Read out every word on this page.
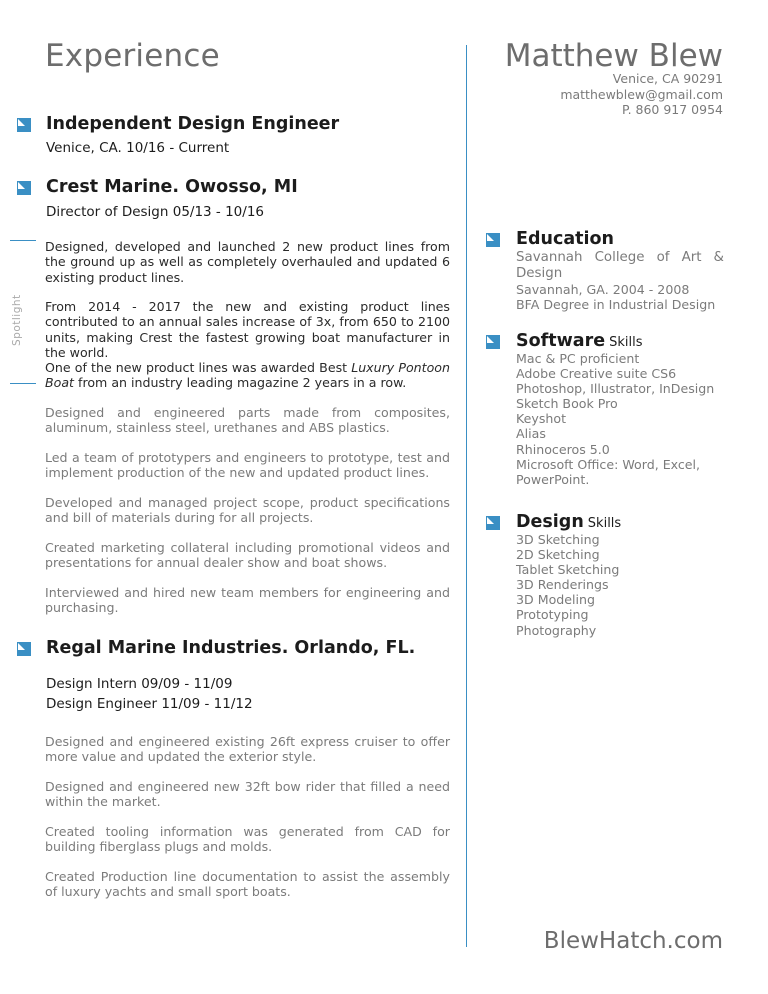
Experience	Matthew Blew
Venice, CA 90291
matthewblew@gmail.com
P. 860 917 0954
Independent Design Engineer
Venice, CA. 10/16 - Current
Crest Marine. Owosso, MI
Director of Design 05/13 - 10/16
Spotlight

Designed, developed and launched 2 new product lines from the ground up as well as completely overhauled and updated 6 existing product lines.

From 2014 - 2017 the new and existing product lines contributed to an annual sales increase of 3x, from 650 to 2100 units, making Crest the fastest growing boat manufacturer in the world.

One of the new product lines was awarded Best Luxury Pontoon Boat from an industry leading magazine 2 years in a row.

Designed and engineered parts made from composites, aluminum, stainless steel, urethanes and ABS plastics.

Led a team of prototypers and engineers to prototype, test and implement production of the new and updated product lines.

Developed and managed project scope, product specifications and bill of materials during for all projects.

Created marketing collateral including promotional videos and presentations for annual dealer show and boat shows.

Interviewed and hired new team members for engineering and purchasing.

Regal Marine Industries. Orlando, FL.
Design Intern 09/09 - 11/09
Design Engineer 11/09 - 11/12

Designed and engineered existing 26ft express cruiser to offer more value and updated the exterior style.

Designed and engineered new 32ft bow rider that filled a need within the market.

Created tooling information was generated from CAD for building fiberglass plugs and molds.

Created Production line documentation to assist the assembly of luxury yachts and small sport boats.

Education
Savannah College of Art & Design
Savannah, GA. 2004 - 2008
BFA Degree in Industrial Design
Software Skills
Mac & PC proficient
Adobe Creative suite CS6
Photoshop, Illustrator, InDesign
Sketch Book Pro
Keyshot
Alias
Rhinoceros 5.0
Microsoft Office: Word, Excel,
PowerPoint.
Design Skills
3D Sketching
2D Sketching
Tablet Sketching
3D Renderings
3D Modeling
Prototyping
Photography
BlewHatch.com
